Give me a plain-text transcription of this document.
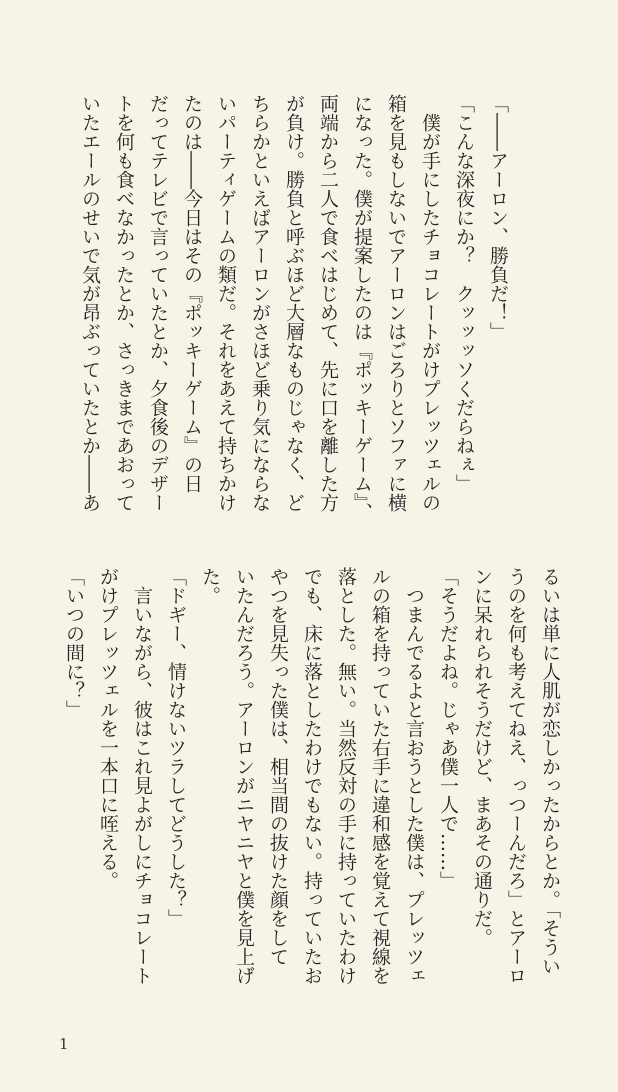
「――アーロン、勝負だ！」
「こんな深夜にか？　クッッッソくだらねぇ」
　僕が手にしたチョコレートがけプレッツェルの
箱を見もしないでアーロンはごろりとソファに横
になった。僕が提案したのは『ポッキーゲーム』、
両端から二人で食べはじめて、先に口を離した方
が負け。勝負と呼ぶほど大層なものじゃなく、ど
ちらかといえばアーロンがさほど乗り気にならな
いパーティゲームの類だ。それをあえて持ちかけ
たのは――今日はその『ポッキーゲーム』の日
だってテレビで言っていたとか、夕食後のデザー
トを何も食べなかったとか、さっきまであおって
いたエールのせいで気が昂ぶっていたとか――あ
るいは単に人肌が恋しかったからとか。「そうい
うのを何も考えてねえ、っつーんだろ」とアーロ
ンに呆れられそうだけど、まあその通りだ。
「そうだよね。じゃあ僕一人で……」
　つまんでるよと言おうとした僕は、プレッツェ
ルの箱を持っていた右手に違和感を覚えて視線を
落とした。無い。当然反対の手に持っていたわけ
でも、床に落としたわけでもない。持っていたお
やつを見失った僕は、相当間の抜けた顔をして
いたんだろう。アーロンがニヤニヤと僕を見上げ
た。
「ドギー、情けないツラしてどうした？」
　言いながら、彼はこれ見よがしにチョコレート
がけプレッツェルを一本口に咥える。
「いつの間に？」
1
